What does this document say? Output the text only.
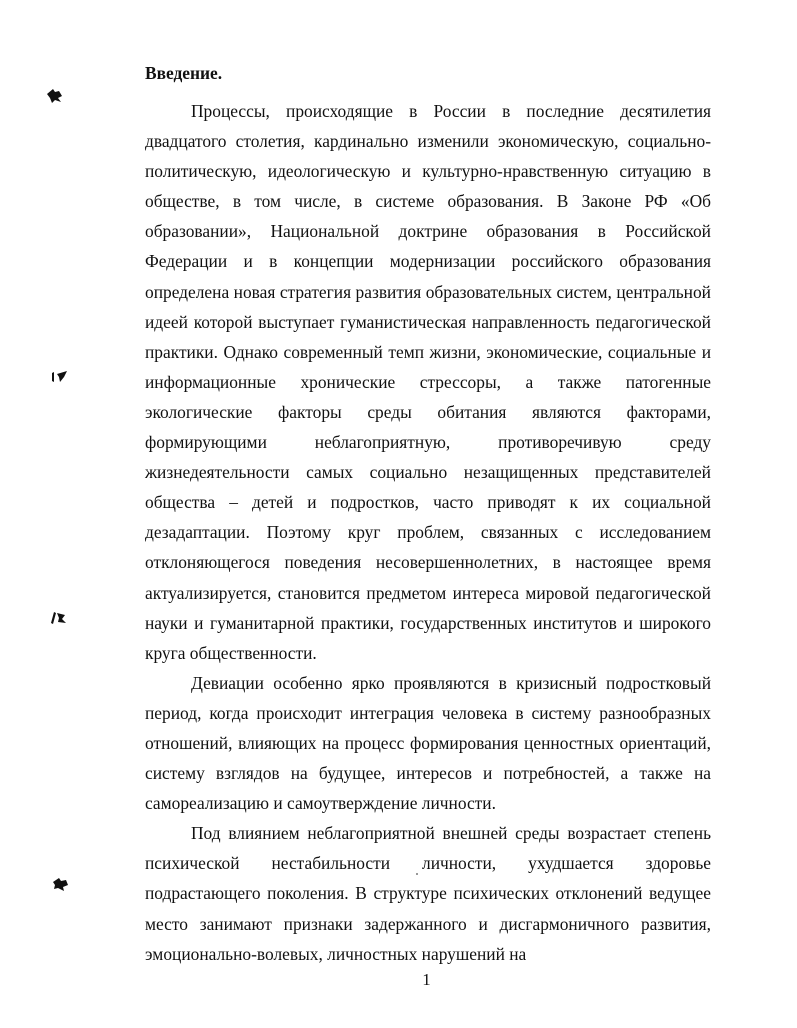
Введение.

Процессы, происходящие в России в последние десятилетия двадцатого столетия, кардинально изменили экономическую, социально-политическую, идеологическую и культурно-нравственную ситуацию в обществе, в том числе, в системе образования. В Законе РФ «Об образовании», Национальной доктрине образования в Российской Федерации и в концепции модернизации российского образования определена новая стратегия развития образовательных систем, центральной идеей которой выступает гуманистическая направленность педагогической практики. Однако современный темп жизни, экономические, социальные и информационные хронические стрессоры, а также патогенные экологические факторы среды обитания являются факторами, формирующими неблагоприятную, противоречивую среду жизнедеятельности самых социально незащищенных представителей общества – детей и подростков, часто приводят к их социальной дезадаптации. Поэтому круг проблем, связанных с исследованием отклоняющегося поведения несовершеннолетних, в настоящее время актуализируется, становится предметом интереса мировой педагогической науки и гуманитарной практики, государственных институтов и широкого круга общественности.

Девиации особенно ярко проявляются в кризисный подростковый период, когда происходит интеграция человека в систему разнообразных отношений, влияющих на процесс формирования ценностных ориентаций, систему взглядов на будущее, интересов и потребностей, а также на самореализацию и самоутверждение личности.

Под влиянием неблагоприятной внешней среды возрастает степень психической нестабильности личности, ухудшается здоровье подрастающего поколения. В структуре психических отклонений ведущее место занимают признаки задержанного и дисгармоничного развития, эмоционально-волевых, личностных нарушений на

1
